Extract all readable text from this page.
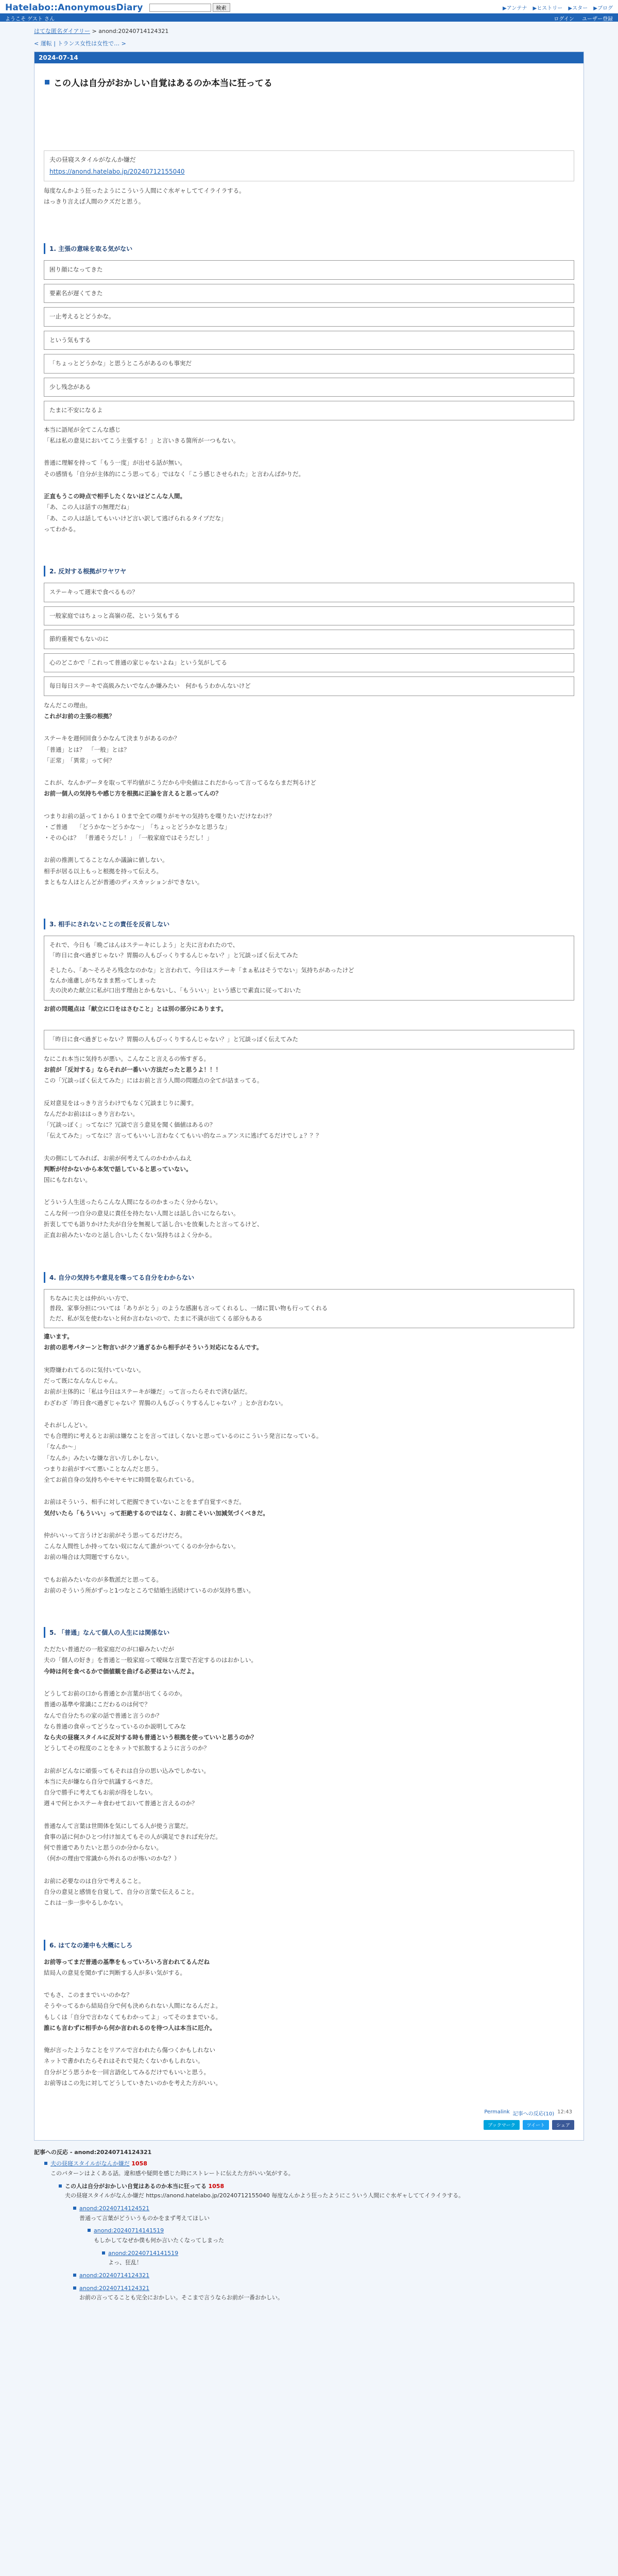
Hatelabo::AnonymousDiary	検索	▶アンテナ ▶ヒストリー ▶スター ▶ブログ
ようこそ ゲスト さん	ログイン ユーザー登録
はてな匿名ダイアリー > anond:20240714124321
< 運転 | トランス女性は女性で… >
2024-07-14
この人は自分がおかしい自覚はあるのか本当に狂ってる
夫の昼寝スタイルがなんか嫌だ
https://anond.hatelabo.jp/20240712155040

毎度なんかよう狂ったようにこういう人間にぐ水ギャしててイライラする。

はっきり言えば人間のクズだと思う。

1. 主張の意味を取る気がない
困り顔になってきた
要素名が遅くてきた
一止考えるとどうかな。
という気もする
「ちょっとどうかな」と思うところがあるのも事実だ
少し残念がある
たまに不安になるよ

本当に語尾が全てこんな感じ

「私は私の意見においてこう主張する！」と言いきる箇所が一つもない。

普通に理解を持って「もう一度」が出せる話が無い。

その感情も「自分が主体的にこう思ってる」ではなく「こう感じさせられた」と言わんばかりだ。

正直もうこの時点で相手したくないほどこんな人間。

「あ、この人は話すの無理だね」

「あ、この人は話してもいいけど言い訳して逃げられるタイプだな」

ってわかる。

2. 反対する根拠がワヤワヤ
ステーキって週末で食べるもの？
一般家庭ではちょっと高嶺の花、という気もする
節約重視でもないのに
心のどこかで「これって普通の家じゃないよね」という気がしてる
毎日毎日ステーキで高級みたいでなんか嫌みたい　何かもうわかんないけど

なんだこの理由。

これがお前の主張の根拠？

ステーキを週何回食うかなんて決まりがあるのか？

「普通」とは？　「一般」とは？

「正常」　「異常」って何？

これが、なんかデータを取って平均値がこうだから中央値はこれだからって言ってるならまだ判るけど

お前一個人の気持ちや感じ方を根拠に正論を言えると思ってんの？

つまりお前の話って１から１０まで全ての喋りがモヤの気持ちを喋りたいだけなわけ？

・ご普通　　「どうかな〜どうかな〜」　「ちょっとどうかなと思うな」

・その心は？　「普通そうだし！」　「一般家庭ではそうだし！」

お前の推測してることなんか議論に値しない。

相手が居る以上もっと根拠を持って伝えろ。

まともな人ほとんどが普通のディスカッションができない。

3. 相手にされないことの責任を反省しない
それで、今日も「晩ごはんはステーキにしよう」と夫に言われたので、
「昨日に食べ過ぎじゃない？胃腸の人もびっくりするんじゃない？」と冗談っぽく伝えてみた
そしたら、「あ〜そろそろ残念なのかな」と言われて、今日はステーキ「まぁ私はそうでない」気持ちがあったけど
なんか遠慮しがちなまま黙ってしまった
夫の決めた献立に私が口出す理由とかもないし、「もういい」という感じで素直に従っておいた

お前の問題点は「献立に口をはさむこと」とは別の部分にあります。

「昨日に食べ過ぎじゃない？胃腸の人もびっくりするんじゃない？」と冗談っぽく伝えてみた

なにこれ本当に気持ちが悪い。こんなこと言えるの怖すぎる。

お前が「反対する」ならそれが一番いい方法だったと思うよ！！！

この「冗談っぽく伝えてみた」にはお前と言う人間の問題点の全てが詰まってる。

反対意見をはっきり言うわけでもなく冗談まじりに濁す。

なんだかお前ははっきり言わない。

「冗談っぽく」ってなに？冗談で言う意見を聞く価値はあるの？

「伝えてみた」ってなに？言ってもいいし言わなくてもいい的なニュアンスに逃げてるだけでしょ？？？

夫の側にしてみれば、お前が何考えてんのかわかんねえ

判断が付かないから本気で話していると思っていない。

国にもなれない。

どういう人生送ったらこんな人間になるのかまったく分からない。

こんな何一つ自分の意見に責任を持たない人間とは話し合いにならない。

折衷してでも語りかけた夫が自分を無視して話し合いを放棄したと言ってるけど、

正直お前みたいなのと話し合いしたくない気持ちはよく分かる。

4. 自分の気持ちや意見を喋ってる自分をわからない
ちなみに夫とは仲がいい方で、
普段、家事分担については「ありがとう」のような感謝も言ってくれるし、一緒に買い物も行ってくれる
ただ、私が気を使わないと何か言わないので、たまに不満が出てくる部分もある

違います。

お前の思考パターンと物言いがクソ過ぎるから相手がそういう対応になるんです。

実際嫌われてるのに気付いていない。

だって既になんなんじゃん。

お前が主体的に「私は今日はステーキが嫌だ」って言ったらそれで済む話だ。

わざわざ「昨日食べ過ぎじゃない？胃腸の人もびっくりするんじゃない？」とか言わない。

それがしんどい。

でも合理的に考えるとお前は嫌なことを言ってほしくないと思っているのにこういう発言になっている。

「なんか〜」

「なんか」みたいな嫌な言い方しかしない。

つまりお前がすべて悪いことなんだと思う。

全てお前自身の気持ちやモヤモヤに時間を取られている。

お前はそういう、相手に対して把握できていないことをまず自覚すべきだ。

気付いたら「もういい」って拒絶するのではなく、お前こそいい加減気づくべきだ。

仲がいいって言うけどお前がそう思ってるだけだろ。

こんな人間性しか持ってない奴になんて誰がついてくるのか分からない。

お前の場合は大問題ですらない。

でもお前みたいなのが多数派だと思ってる。

お前のそういう所がずっと1つなところで結婚生活続けているのが気持ち悪い。

5. 「普通」なんて個人の人生には関係ない

ただたい普通だの一般家庭だのが口癖みたいだが

夫の「個人の好き」を普通と一般家庭って曖昧な言葉で否定するのはおかしい。

今時は何を食べるかで価値観を曲げる必要はないんだよ。

どうしてお前の口から普通とか言葉が出てくるのか。

普通の基準や常識にこだわるのは何で？

なんで自分たちの家の話で普通と言うのか？

なら普通の食卓ってどうなっているのか説明してみな

なら夫の昼寝スタイルに反対する時も普通という根拠を使っていいと思うのか？

どうしてその程度のことをネットで拡散するように言うのか？

お前がどんなに頑張ってもそれは自分の思い込みでしかない。

本当に夫が嫌なら自分で抗議するべきだ。

自分で勝手に考えてもお前が得をしない。

週４で何とかステーキ食わせておいて普通と言えるのか？

普通なんて言葉は世間体を気にしてる人が使う言葉だ。

食事の話に何かひとつ付け加えてもその人が満足できれば充分だ。

何で普通でありたいと思うのか分からない。

（何かの理由で常識から外れるのが怖いのかな？）

お前に必要なのは自分で考えること。

自分の意見と感情を自覚して、自分の言葉で伝えること。

これは一歩一歩やるしかない。

6. はてなの連中も大概にしろ

お前等ってまだ普通の基準をもっていろいろ言われてるんだね

結局人の意見を聞かずに判断する人が多い気がする。

でもさ、このままでいいのかな？

そうやってるから結局自分で何も決められない人間になるんだよ。

もしくは「自分で言わなくてもわかってよ」ってそのままでいる。

誰にも言わずに相手から何か言われるのを待つ人は本当に厄介。

俺が言ったようなことをリアルで言われたら傷つくかもしれない

ネットで書かれたらそれはそれで見たくないかもしれない。

自分がどう思うかを一回言語化してみるだけでもいいと思う。

お前等はこの先に対してどうしていきたいのかを考えた方がいい。

Permalink 記事への反応(10) 12:43
ブックマーク	ツイート	シェア
記事への反応 - anond:20240714124321
夫の昼寝スタイルがなんか嫌だ 1058
このパターンはよくある話。違和感や疑問を感じた時にストレートに伝えた方がいい気がする。
この人は自分がおかしい自覚はあるのか本当に狂ってる 1058
夫の昼寝スタイルがなんか嫌だ https://anond.hatelabo.jp/20240712155040 毎度なんかよう狂ったようにこういう人間にぐ水ギャしててイライラする。
anond:20240714124521
普通って言葉がどういうものかをまず考えてほしい
anond:20240714141519
もしかしてなぜか僕も何か言いたくなってしまった
anond:20240714141519
よっ、狂乱！
anond:20240714124321
anond:20240714124321
お前の言ってることも完全におかしい。そこまで言うならお前が一番おかしい。
